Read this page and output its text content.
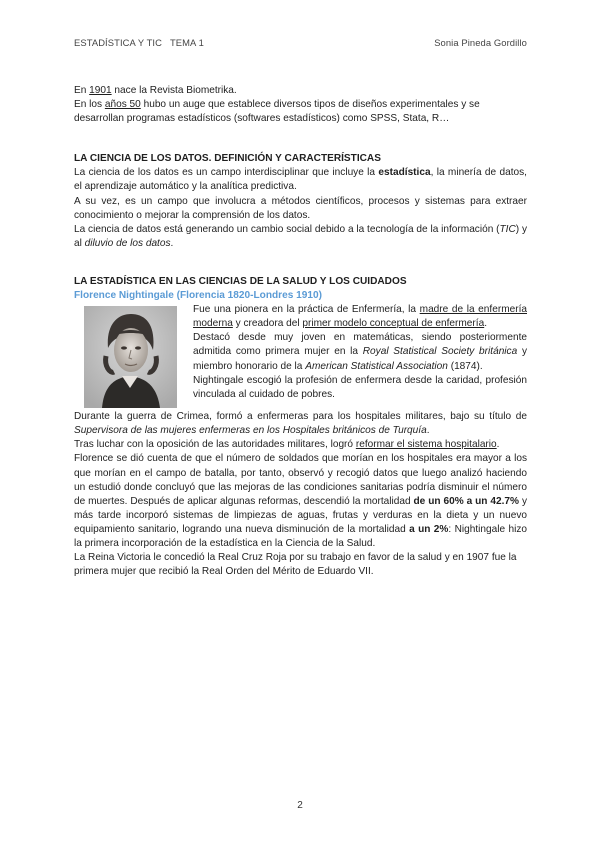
ESTADÍSTICA Y TIC   TEMA 1	Sonia Pineda Gordillo

En 1901 nace la Revista Biometrika.

En los años 50 hubo un auge que establece diversos tipos de diseños experimentales y se desarrollan programas estadísticos (softwares estadísticos) como SPSS, Stata, R…

LA CIENCIA DE LOS DATOS. DEFINICIÓN Y CARACTERÍSTICAS

La ciencia de los datos es un campo interdisciplinar que incluye la estadística, la minería de datos, el aprendizaje automático y la analítica predictiva.

A su vez, es un campo que involucra a métodos científicos, procesos y sistemas para extraer conocimiento o mejorar la comprensión de los datos.

La ciencia de datos está generando un cambio social debido a la tecnología de la información (TIC) y al diluvio de los datos.

LA ESTADÍSTICA EN LAS CIENCIAS DE LA SALUD Y LOS CUIDADOS

Florence Nightingale (Florencia 1820-Londres 1910)

Fue una pionera en la práctica de Enfermería, la madre de la enfermería moderna y creadora del primer modelo conceptual de enfermería.

Destacó desde muy joven en matemáticas, siendo posteriormente admitida como primera mujer en la Royal Statistical Society británica y miembro honorario de la American Statistical Association (1874).

Nightingale escogió la profesión de enfermera desde la caridad, profesión vinculada al cuidado de pobres.

Durante la guerra de Crimea, formó a enfermeras para los hospitales militares, bajo su título de Supervisora de las mujeres enfermeras en los Hospitales británicos de Turquía.

Tras luchar con la oposición de las autoridades militares, logró reformar el sistema hospitalario.

Florence se dió cuenta de que el número de soldados que morían en los hospitales era mayor a los que morían en el campo de batalla, por tanto, observó y recogió datos que luego analizó haciendo un estudió donde concluyó que las mejoras de las condiciones sanitarias podría disminuir el número de muertes. Después de aplicar algunas reformas, descendió la mortalidad de un 60% a un 42.7% y más tarde incorporó sistemas de limpiezas de aguas, frutas y verduras en la dieta y un nuevo equipamiento sanitario, logrando una nueva disminución de la mortalidad a un 2%: Nightingale hizo la primera incorporación de la estadística en la Ciencia de la Salud.

La Reina Victoria le concedió la Real Cruz Roja por su trabajo en favor de la salud y en 1907 fue la primera mujer que recibió la Real Orden del Mérito de Eduardo VII.

2
